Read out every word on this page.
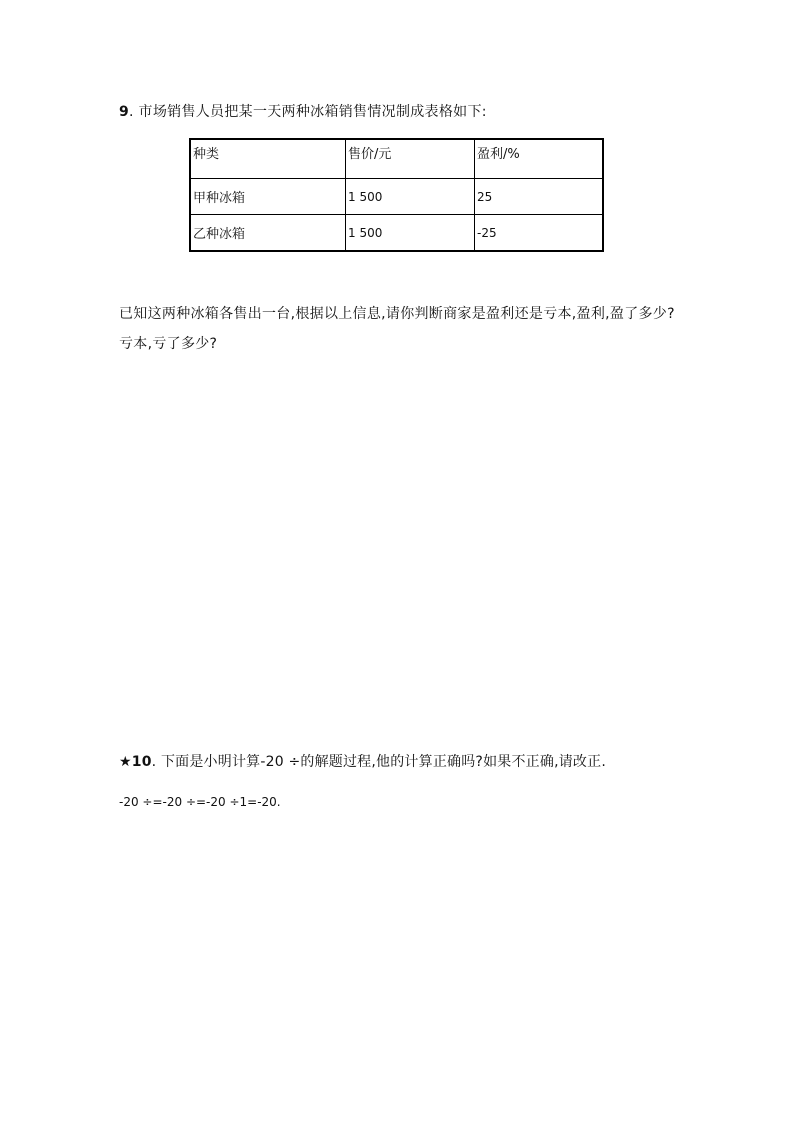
9. 市场销售人员把某一天两种冰箱销售情况制成表格如下:
种类	售价/元	盈利/%
甲种冰箱	1 500	25
乙种冰箱	1 500	-25
已知这两种冰箱各售出一台,根据以上信息,请你判断商家是盈利还是亏本,盈利,盈了多少?
亏本,亏了多少?
★10. 下面是小明计算-20 ÷的解题过程,他的计算正确吗?如果不正确,请改正.
-20 ÷=-20 ÷=-20 ÷1=-20.
